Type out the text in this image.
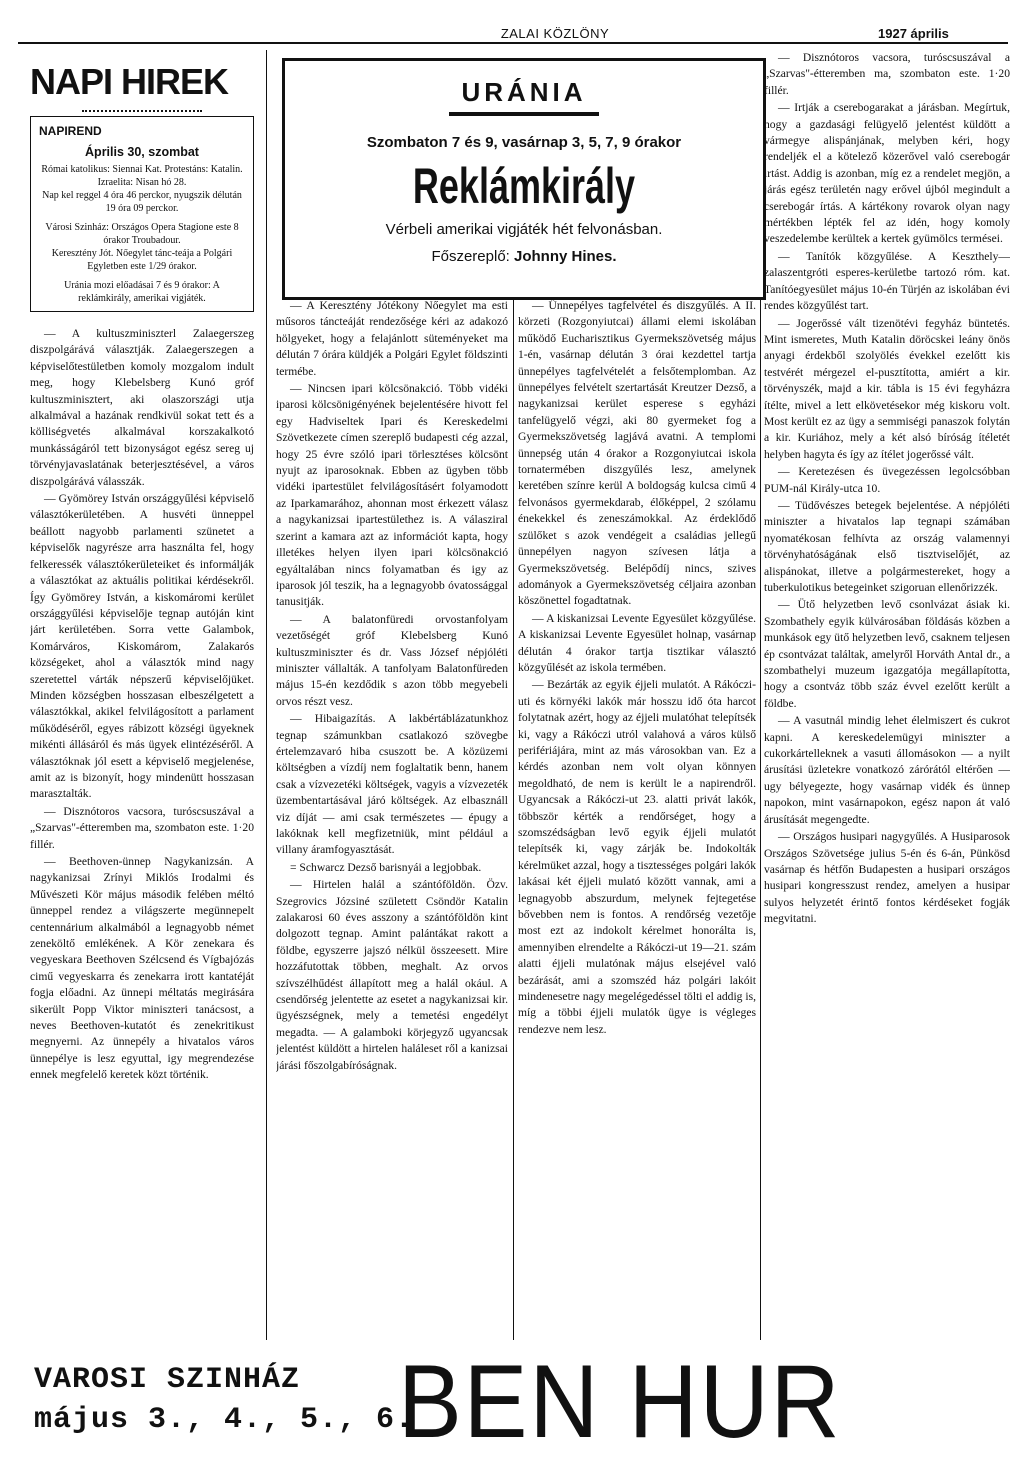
ZALAI KÖZLÖNY	1927 április
NAPI HIREK
NAPIREND
Április 30, szombat
Római katolikus: Siennai Kat. Protestáns: Katalin. Izraelita: Nisan hó 28.
Nap kel reggel 4 óra 46 perckor, nyugszik délután 19 óra 09 perckor.
Városi Szinház: Országos Opera Stagione este 8 órakor Troubadour.
Keresztény Jót. Nőegylet tánc-teája a Polgári Egyletben este 1/29 órakor.
Uránia mozi előadásai 7 és 9 órakor: A reklámkirály, amerikai vigjáték.

— A kultuszminiszterl Zalaegerszeg diszpolgárává választják. Zalaegerszegen a képviselőtestületben komoly mozgalom indult meg, hogy Klebelsberg Kunó gróf kultuszminisztert, aki olaszországi utja alkalmával a hazának rendkivül sokat tett és a kölliségvetés alkalmával korszakalkotó munkásságáról tett bizonyságot egész sereg uj törvényjavaslatának beterjesztésével, a város diszpolgárává válasszák.

— Gyömörey István országgyűlési képviselő választókerületében. A husvéti ünneppel beállott nagyobb parlamenti szünetet a képviselők nagyrésze arra használta fel, hogy felkeressék választókerületeiket és informálják a választókat az aktuális politikai kérdésekről. Így Gyömörey István, a kiskomáromi kerület országgyűlési képviselője tegnap autóján kint járt kerületében. Sorra vette Galambok, Komárváros, Kiskomárom, Zalakarós községeket, ahol a választók mind nagy szeretettel várták népszerű képviselőjüket. Minden községben hosszasan elbeszélgetett a választókkal, akikel felvilágosított a parlament működéséről, egyes rábizott községi ügyeknek mikénti állásáról és más ügyek elintézéséről. A választóknak jól esett a képviselő megjelenése, amit az is bizonyít, hogy mindenütt hosszasan marasztalták.

— Disznótoros vacsora, turóscsuszával a „Szarvas"-étteremben ma, szombaton este. 1·20 fillér.

— Beethoven-ünnep Nagykanizsán. A nagykanizsai Zrínyi Miklós Irodalmi és Művészeti Kör május második felében méltó ünneppel rendez a világszerte megünnepelt centennárium alkalmából a legnagyobb német zeneköltő emlékének. A Kör zenekara és vegyeskara Beethoven Szélcsend és Vígbajózás cimű vegyeskarra és zenekarra irott kantatéját fogja előadni. Az ünnepi méltatás megirására sikerült Popp Viktor miniszteri tanácsost, a neves Beethoven-kutatót és zenekritikust megnyerni. Az ünnepély a hivatalos város ünnepélye is lesz egyuttal, igy megrendezése ennek megfelelő keretek közt történik.

URÁNIA
Szombaton 7 és 9, vasárnap 3, 5, 7, 9 órakor
Reklámkirály
Vérbeli amerikai vigjáték hét felvonásban.
Főszereplő: Johnny Hines.

— A Keresztény Jótékony Nőegylet ma esti műsoros táncteáját rendezősége kéri az adakozó hölgyeket, hogy a felajánlott süteményeket ma délután 7 órára küldjék a Polgári Egylet földszinti termébe.

— Nincsen ipari kölcsönakció. Több vidéki iparosi kölcsönigényének bejelentésére hivott fel egy Hadviseltek Ipari és Kereskedelmi Szövetkezete címen szereplő budapesti cég azzal, hogy 25 évre szóló ipari törlesztéses kölcsönt nyujt az iparosoknak. Ebben az ügyben több vidéki ipartestület felvilágosításért folyamodott az Iparkamarához, ahonnan most érkezett válasz a nagykanizsai ipartestülethez is. A válasziral szerint a kamara azt az információt kapta, hogy illetékes helyen ilyen ipari kölcsönakció egyáltalában nincs folyamatban és igy az iparosok jól teszik, ha a legnagyobb óvatossággal tanusitják.

— A balatonfüredi orvostanfolyam vezetőségét gróf Klebelsberg Kunó kultuszminiszter és dr. Vass József népjóléti miniszter vállalták. A tanfolyam Balatonfüreden május 15-én kezdődik s azon több megyebeli orvos részt vesz.

— Hibaigazítás. A lakbértáblázatunkhoz tegnap számunkban csatlakozó szövegbe értelemzavaró hiba csuszott be. A közüzemi költségben a vízdíj nem foglaltatik benn, hanem csak a vízvezetéki költségek, vagyis a vízvezeték üzembentartásával járó költségek. Az elbasználl viz díját — ami csak természetes — épugy a lakóknak kell megfizetniük, mint például a villany áramfogyasztását.

= Schwarcz Dezső barisnyái a legjobbak.

— Hirtelen halál a szántóföldön. Özv. Szegrovics Józsiné született Csöndör Katalin zalakarosi 60 éves asszony a szántóföldön kint dolgozott tegnap. Amint palántákat rakott a földbe, egyszerre jajszó nélkül összeesett. Mire hozzáfutottak többen, meghalt. Az orvos szívszélhűdést állapított meg a halál okául. A csendőrség jelentette az esetet a nagykanizsai kir. ügyészségnek, mely a temetési engedélyt megadta. — A galamboki körjegyző ugyancsak jelentést küldött a hirtelen haláleset ről a kanizsai járási főszolgabíróságnak.

— Ünnepélyes tagfelvétel és diszgyűlés. A II. körzeti (Rozgonyiutcai) állami elemi iskolában működő Eucharisztikus Gyermekszövetség május 1-én, vasárnap délután 3 órai kezdettel tartja ünnepélyes tagfelvételét a felsőtemplomban. Az ünnepélyes felvételt szertartását Kreutzer Dezső, a nagykanizsai kerület esperese s egyházi tanfelügyelő végzi, aki 80 gyermeket fog a Gyermekszövetség lagjává avatni. A templomi ünnepség után 4 órakor a Rozgonyiutcai iskola tornatermében diszgyűlés lesz, amelynek keretében színre kerül A boldogság kulcsa cimű 4 felvonásos gyermekdarab, élőképpel, 2 szólamu énekekkel és zeneszámokkal. Az érdeklődő szülőket s azok vendégeit a családias jellegű ünnepélyen nagyon szívesen látja a Gyermekszövetség. Belépődíj nincs, szives adományok a Gyermekszövetség céljaira azonban köszönettel fogadtatnak.

— A kiskanizsai Levente Egyesület közgyűlése. A kiskanizsai Levente Egyesület holnap, vasárnap délután 4 órakor tartja tisztikar választó közgyűlését az iskola termében.

— Bezárták az egyik éjjeli mulatót. A Rákóczi-uti és környéki lakók már hosszu idő óta harcot folytatnak azért, hogy az éjjeli mulatóhat telepítsék ki, vagy a Rákóczi utról valahová a város külső perifériájára, mint az más városokban van. Ez a kérdés azonban nem volt olyan könnyen megoldható, de nem is került le a napirendről. Ugyancsak a Rákóczi-ut 23. alatti privát lakók, többször kérték a rendőrséget, hogy a szomszédságban levő egyik éjjeli mulatót telepítsék ki, vagy zárják be. Indokolták kérelmüket azzal, hogy a tisztességes polgári lakók lakásai két éjjeli mulató között vannak, ami a legnagyobb abszurdum, melynek fejtegetése bővebben nem is fontos. A rendőrség vezetője most ezt az indokolt kérelmet honorálta is, amennyiben elrendelte a Rákóczi-ut 19—21. szám alatti éjjeli mulatónak május elsejével való bezárását, ami a szomszéd ház polgári lakóit mindenesetre nagy megelégedéssel tölti el addig is, míg a többi éjjeli mulatók ügye is végleges rendezve nem lesz.

— Disznótoros vacsora, turóscsuszával a „Szarvas"-étteremben ma, szombaton este. 1·20 fillér.

— Irtják a cserebogarakat a járásban. Megírtuk, hogy a gazdasági felügyelő jelentést küldött a vármegye alispánjának, melyben kéri, hogy rendeljék el a kötelező közerővel való cserebogár irtást. Addig is azonban, míg ez a rendelet megjön, a járás egész területén nagy erővel újból megindult a cserebogár írtás. A kártékony rovarok olyan nagy mértékben lépték fel az idén, hogy komoly veszedelembe kerültek a kertek gyümölcs termései.

— Tanítók közgyűlése. A Keszthely—zalaszentgróti esperes-kerületbe tartozó róm. kat. Tanítóegyesület május 10-én Türjén az iskolában évi rendes közgyűlést tart.

— Jogerőssé vált tizenötévi fegyház büntetés. Mint ismeretes, Muth Katalin döröcskei leány önös anyagi érdekből szolyölés évekkel ezelőtt kis testvérét mérgezel el-pusztította, amiért a kir. törvényszék, majd a kir. tábla is 15 évi fegyházra ítélte, mivel a lett elkövetésekor még kiskoru volt. Most került ez az ügy a semmiségi panaszok folytán a kir. Kuriához, mely a két alsó bíróság ítéletét helyben hagyta és így az ítélet jogerőssé vált.

— Keretezésen és üvegezéssen legolcsóbban PUM-nál Király-utca 10.

— Tüdővészes betegek bejelentése. A népjóléti miniszter a hivatalos lap tegnapi számában nyomatékosan felhívta az ország valamennyi törvényhatóságának első tisztviselőjét, az alispánokat, illetve a polgármestereket, hogy a tuberkulotikus betegeinket szigoruan ellenőrizzék.

— Ütő helyzetben levő csonlvázat ásiak ki. Szombathely egyik külvárosában földásás közben a munkások egy ütő helyzetben levő, csaknem teljesen ép csontvázat találtak, amelyről Horváth Antal dr., a szombathelyi muzeum igazgatója megállapította, hogy a csontváz több száz évvel ezelőtt került a földbe.

— A vasutnál mindig lehet élelmiszert és cukrot kapni. A kereskedelemügyi miniszter a cukorkártelleknek a vasuti állomásokon — a nyilt árusítási üzletekre vonatkozó zárórától eltérően — ugy bélyegezte, hogy vasárnap vidék és ünnep napokon, mint vasárnapokon, egész napon át való árusítását megengedte.

— Országos husipari nagygyűlés. A Husiparosok Országos Szövetsége julius 5-én és 6-án, Pünkösd vasárnap és hétfőn Budapesten a husipari országos husipari kongresszust rendez, amelyen a husipar sulyos helyzetét érintő fontos kérdéseket fogják megvitatni.

VAROSI SZINHÁZ
május 3., 4., 5., 6.
BEN HUR
